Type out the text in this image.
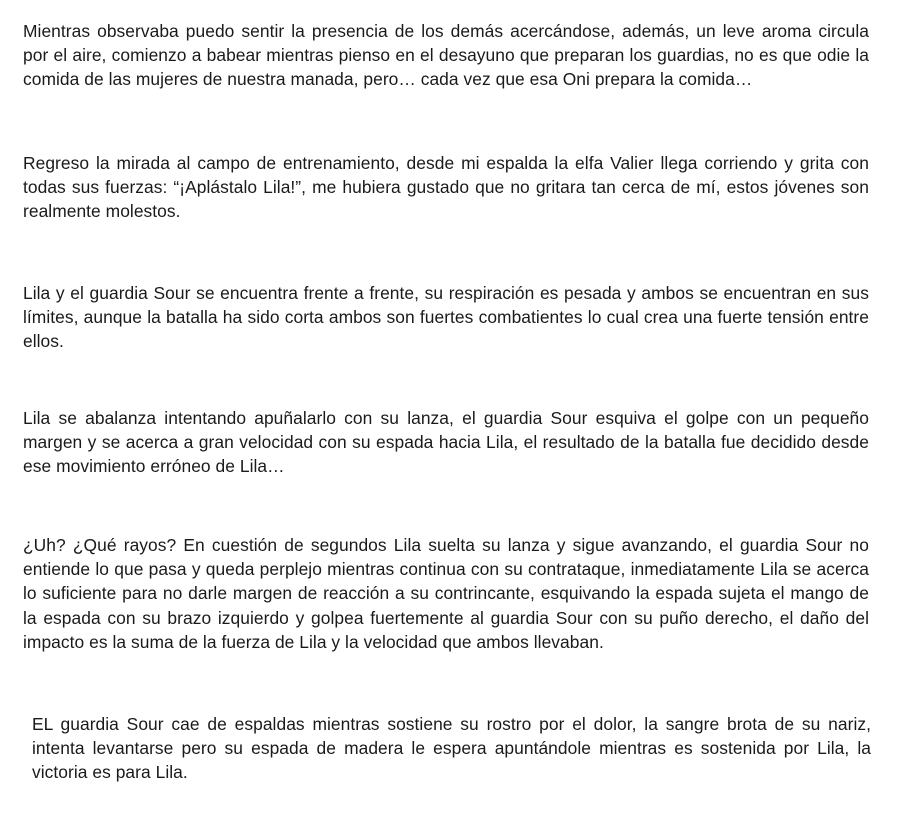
Mientras observaba puedo sentir la presencia de los demás acercándose, además, un leve aroma circula por el aire, comienzo a babear mientras pienso en el desayuno que preparan los guardias, no es que odie la comida de las mujeres de nuestra manada, pero… cada vez que esa Oni prepara la comida…

Regreso la mirada al campo de entrenamiento, desde mi espalda la elfa Valier llega corriendo y grita con todas sus fuerzas: “¡Aplástalo Lila!”, me hubiera gustado que no gritara tan cerca de mí, estos jóvenes son realmente molestos.

Lila y el guardia Sour se encuentra frente a frente, su respiración es pesada y ambos se encuentran en sus límites, aunque la batalla ha sido corta ambos son fuertes combatientes lo cual crea una fuerte tensión entre ellos.

Lila se abalanza intentando apuñalarlo con su lanza, el guardia Sour esquiva el golpe con un pequeño margen y se acerca a gran velocidad con su espada hacia Lila, el resultado de la batalla fue decidido desde ese movimiento erróneo de Lila…

¿Uh? ¿Qué rayos? En cuestión de segundos Lila suelta su lanza y sigue avanzando, el guardia Sour no entiende lo que pasa y queda perplejo mientras continua con su contrataque, inmediatamente Lila se acerca lo suficiente para no darle margen de reacción a su contrincante, esquivando la espada sujeta el mango de la espada con su brazo izquierdo y golpea fuertemente al guardia Sour con su puño derecho, el daño del impacto es la suma de la fuerza de Lila y la velocidad que ambos llevaban.

EL guardia Sour cae de espaldas mientras sostiene su rostro por el dolor, la sangre brota de su nariz, intenta levantarse pero su espada de madera le espera apuntándole mientras es sostenida por Lila, la victoria es para Lila.
